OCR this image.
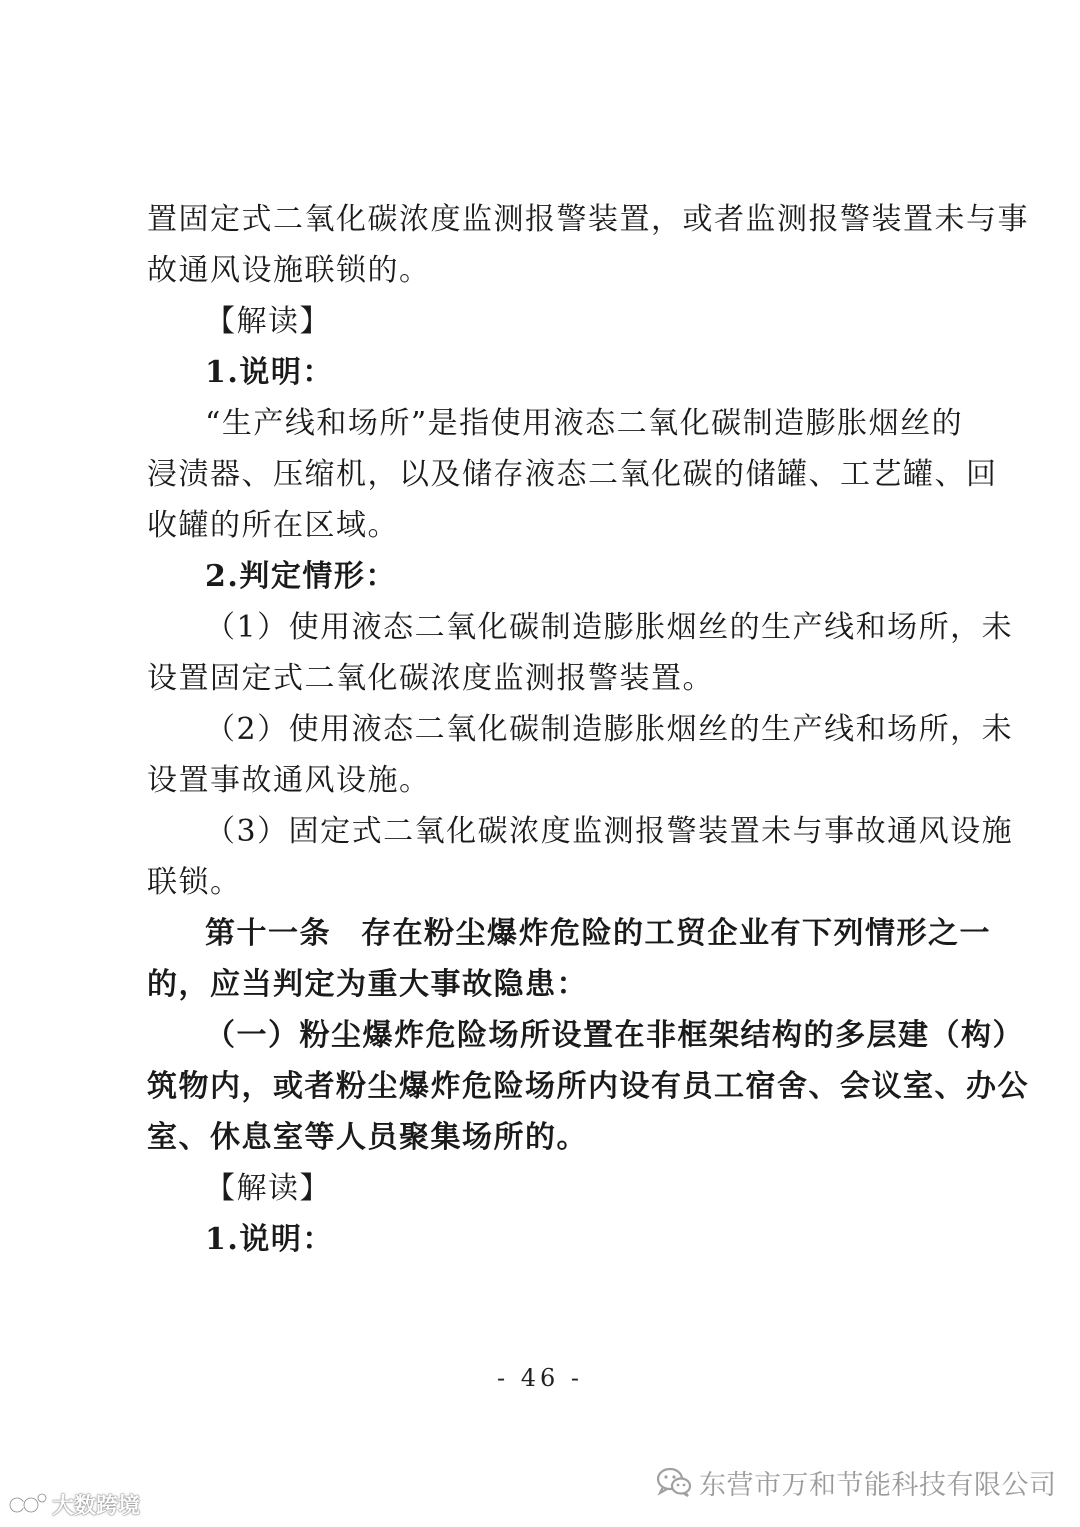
置固定式二氧化碳浓度监测报警装置，或者监测报警装置未与事
故通风设施联锁的。
【解读】
1.说明：
“生产线和场所”是指使用液态二氧化碳制造膨胀烟丝的
浸渍器、压缩机，以及储存液态二氧化碳的储罐、工艺罐、回
收罐的所在区域。
2.判定情形：
（1）使用液态二氧化碳制造膨胀烟丝的生产线和场所，未
设置固定式二氧化碳浓度监测报警装置。
（2）使用液态二氧化碳制造膨胀烟丝的生产线和场所，未
设置事故通风设施。
（3）固定式二氧化碳浓度监测报警装置未与事故通风设施
联锁。
第十一条 存在粉尘爆炸危险的工贸企业有下列情形之一
的，应当判定为重大事故隐患：
（一）粉尘爆炸危险场所设置在非框架结构的多层建（构）
筑物内，或者粉尘爆炸危险场所内设有员工宿舍、会议室、办公
室、休息室等人员聚集场所的。
【解读】
1.说明：
- 46 -
东营市万和节能科技有限公司
大数跨境
